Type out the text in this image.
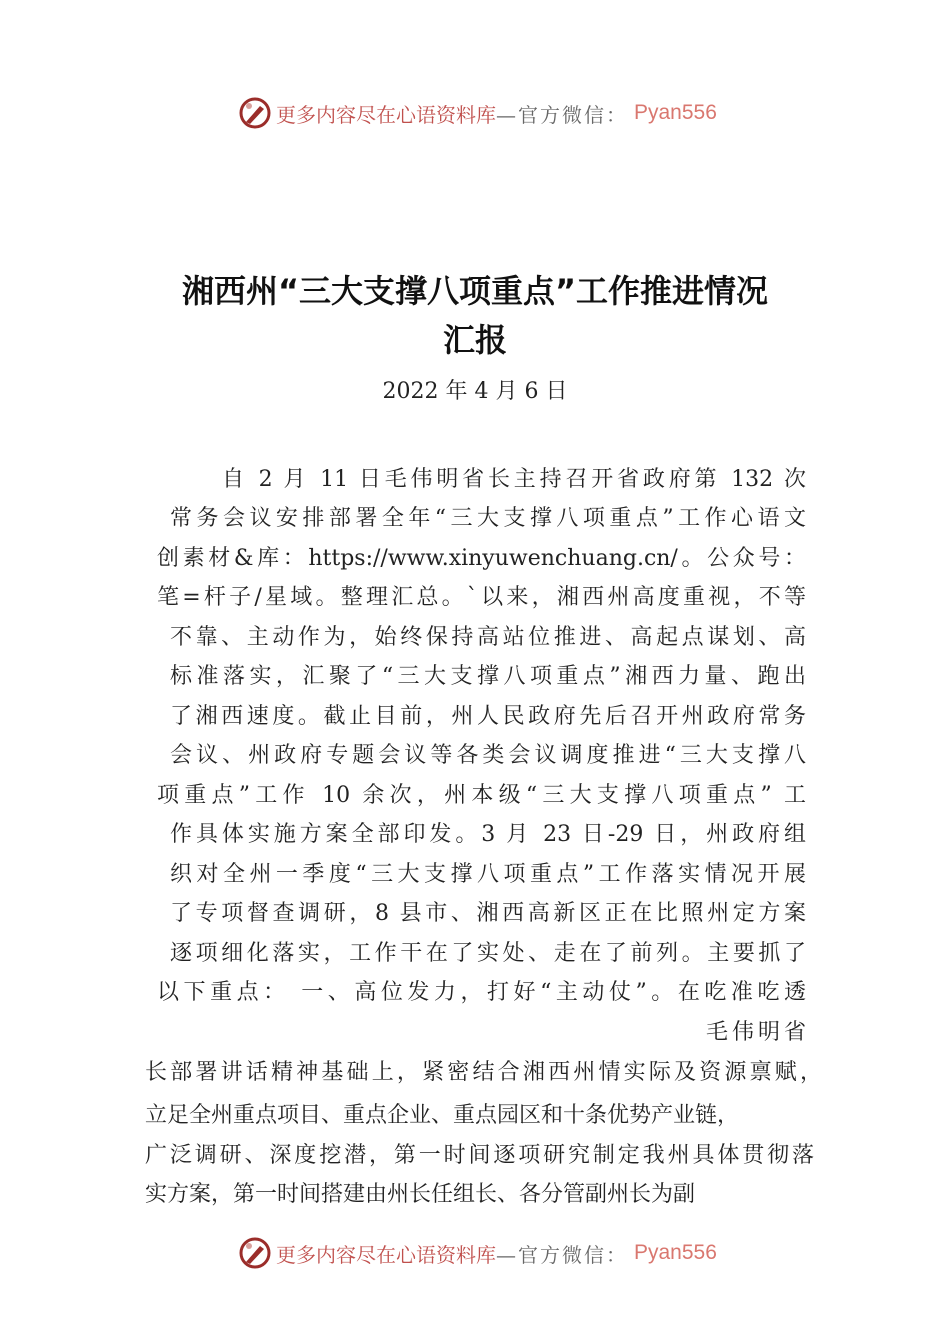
更多内容尽在心语资料库 —官方微信： Pyan556
湘西州“三大支撑八项重点”工作推进情况
汇报
2022 年 4 月 6 日
自 2 月 11 日毛伟明省长主持召开省政府第 132 次
常务会议安排部署全年“三大支撑八项重点”工作心语文
创素材&库：https://www.xinyuwenchuang.cn/。公众号：
笔=杆子/星域。整理汇总。`以来，湘西州高度重视，不等
不靠、主动作为，始终保持高站位推进、高起点谋划、高
标准落实，汇聚了“三大支撑八项重点”湘西力量、跑出
了湘西速度。截止目前，州人民政府先后召开州政府常务
会议、州政府专题会议等各类会议调度推进“三大支撑八
项重点”工作 10 余次，州本级“三大支撑八项重点” 工
作具体实施方案全部印发。3 月 23 日-29 日，州政府组
织对全州一季度“三大支撑八项重点”工作落实情况开展
了专项督查调研，8 县市、湘西高新区正在比照州定方案
逐项细化落实，工作干在了实处、走在了前列。主要抓了
以下重点： 一、高位发力，打好“主动仗”。在吃准吃透
毛伟明省
长部署讲话精神基础上，紧密结合湘西州情实际及资源禀赋，
立足全州重点项目、重点企业、重点园区和十条优势产业链，
广泛调研、深度挖潜，第一时间逐项研究制定我州具体贯彻落
实方案，第一时间搭建由州长任组长、各分管副州长为副
更多内容尽在心语资料库 —官方微信： Pyan556
